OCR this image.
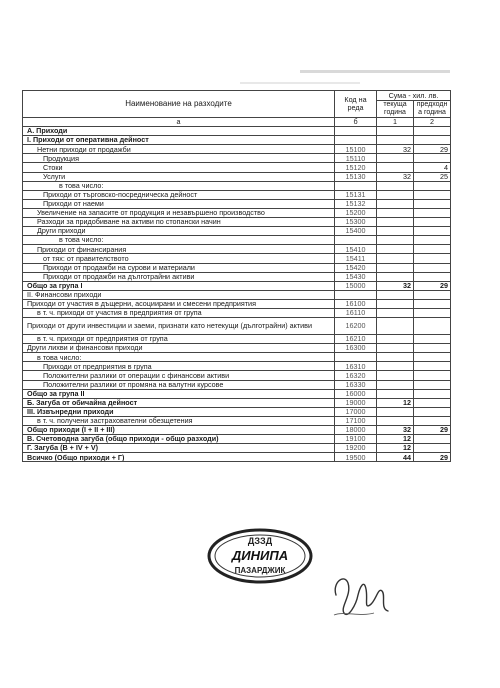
Наименование на разходите	Код на реда	Сума - хил. лв.	
		текуща година	предходн а година
а	б	1	2
А. Приходи			
І. Приходи от оперативна дейност			
Нетни приходи от продажби	15100	32	29
Продукция	15110		
Стоки	15120		4
Услуги	15130	32	25
в това число:			
Приходи от търговско-посредническа дейност	15131		
Приходи от наеми	15132		
Увеличение на запасите от продукция и незавършено производство	15200		
Разходи за придобиване на активи по стопански начин	15300		
Други приходи	15400		
в това число:			
Приходи от финансирания	15410		
от тях: от правителството	15411		
Приходи от продажби на сурови и материали	15420		
Приходи от продажби на дълготрайни активи	15430		
Общо за група І	15000	32	29
ІІ. Финансови приходи			
Приходи от участия в дъщерни, асоциирани и смесени предприятия	16100		
в т. ч. приходи от участия в предприятия от група	16110		
Приходи от други инвестиции и заеми, признати като нетекущи (дълготрайни) активи	16200		
в т. ч. приходи от предприятия от група	16210		
Други лихви и финансови приходи	16300		
в това число:			
Приходи от предприятия в група	16310		
Положителни разлики от операции с финансови активи	16320		
Положителни разлики от промяна на валутни курсове	16330		
Общо за група ІІ	16000		
Б. Загуба от обичайна дейност	19000	12	
ІІІ. Извънредни приходи	17000		
в т. ч. получени застрахователни обезщетения	17100		
Общо приходи (І + ІІ + ІІІ)	18000	32	29
В. Счетоводна загуба (общо приходи - общо разходи)	19100	12	
Г. Загуба (В + ІV + V)	19200	12	
Всичко (Общо приходи + Г)	19500	44	29
ДЗЗД
ДИНИПА
ПАЗАРДЖИК
